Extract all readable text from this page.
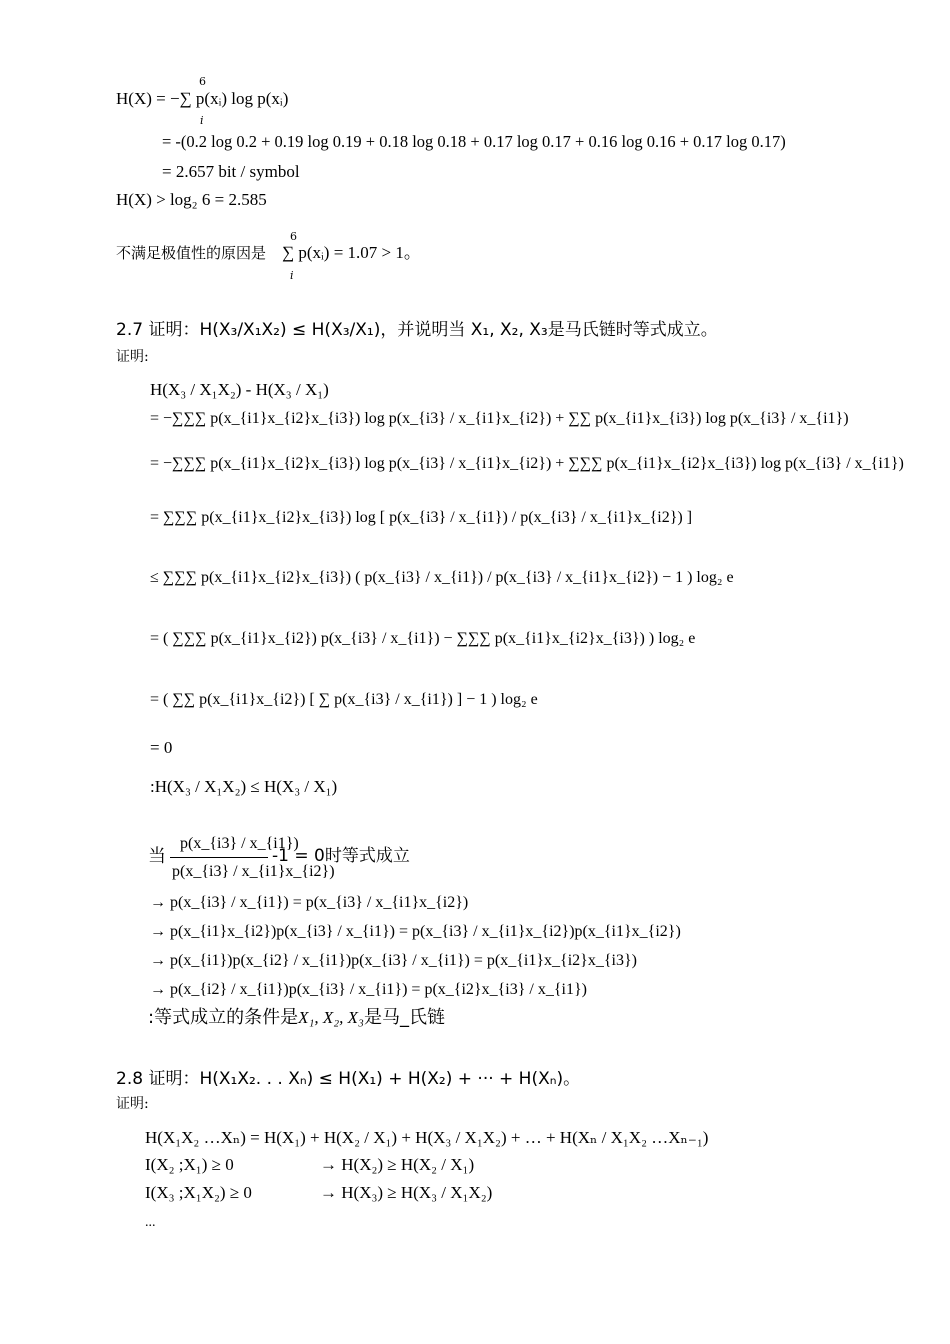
6
H(X) = −∑ p(xᵢ) log p(xᵢ)
i
= -(0.2 log 0.2 + 0.19 log 0.19 + 0.18 log 0.18 + 0.17 log 0.17 + 0.16 log 0.16 + 0.17 log 0.17)
= 2.657 bit / symbol
H(X) > log₂ 6 = 2.585
不满足极值性的原因是
6
∑ p(xᵢ) = 1.07 > 1。
i
2.7 证明：H(X₃/X₁X₂) ≤ H(X₃/X₁)，并说明当 X₁, X₂, X₃是马氏链时等式成立。
证明:
H(X₃ / X₁X₂) - H(X₃ / X₁)
= −∑∑∑ p(x_{i1}x_{i2}x_{i3}) log p(x_{i3} / x_{i1}x_{i2}) + ∑∑ p(x_{i1}x_{i3}) log p(x_{i3} / x_{i1})
= −∑∑∑ p(x_{i1}x_{i2}x_{i3}) log p(x_{i3} / x_{i1}x_{i2}) + ∑∑∑ p(x_{i1}x_{i2}x_{i3}) log p(x_{i3} / x_{i1})
= ∑∑∑ p(x_{i1}x_{i2}x_{i3}) log [ p(x_{i3} / x_{i1}) / p(x_{i3} / x_{i1}x_{i2}) ]
≤ ∑∑∑ p(x_{i1}x_{i2}x_{i3}) ( p(x_{i3} / x_{i1}) / p(x_{i3} / x_{i1}x_{i2}) − 1 ) log₂ e
= ( ∑∑∑ p(x_{i1}x_{i2}) p(x_{i3} / x_{i1}) − ∑∑∑ p(x_{i1}x_{i2}x_{i3}) ) log₂ e
= ( ∑∑ p(x_{i1}x_{i2}) [ ∑ p(x_{i3} / x_{i1}) ] − 1 ) log₂ e
= 0
:H(X₃ / X₁X₂) ≤ H(X₃ / X₁)
当
p(x_{i3} / x_{i1})
p(x_{i3} / x_{i1}x_{i2})
-1 = 0时等式成立
→ p(x_{i3} / x_{i1}) = p(x_{i3} / x_{i1}x_{i2})
→ p(x_{i1}x_{i2})p(x_{i3} / x_{i1}) = p(x_{i3} / x_{i1}x_{i2})p(x_{i1}x_{i2})
→ p(x_{i1})p(x_{i2} / x_{i1})p(x_{i3} / x_{i1}) = p(x_{i1}x_{i2}x_{i3})
→ p(x_{i2} / x_{i1})p(x_{i3} / x_{i1}) = p(x_{i2}x_{i3} / x_{i1})
:等式成立的条件是X₁, X₂, X₃是马_氏链
2.8 证明：H(X₁X₂. . . Xₙ) ≤ H(X₁) + H(X₂) + ··· + H(Xₙ)。
证明:
H(X₁X₂ …Xₙ) = H(X₁) + H(X₂ / X₁) + H(X₃ / X₁X₂) + … + H(Xₙ / X₁X₂ …Xₙ₋₁)
I(X₂ ;X₁) ≥ 0	→ H(X₂) ≥ H(X₂ / X₁)
I(X₃ ;X₁X₂) ≥ 0	→ H(X₃) ≥ H(X₃ / X₁X₂)
...
